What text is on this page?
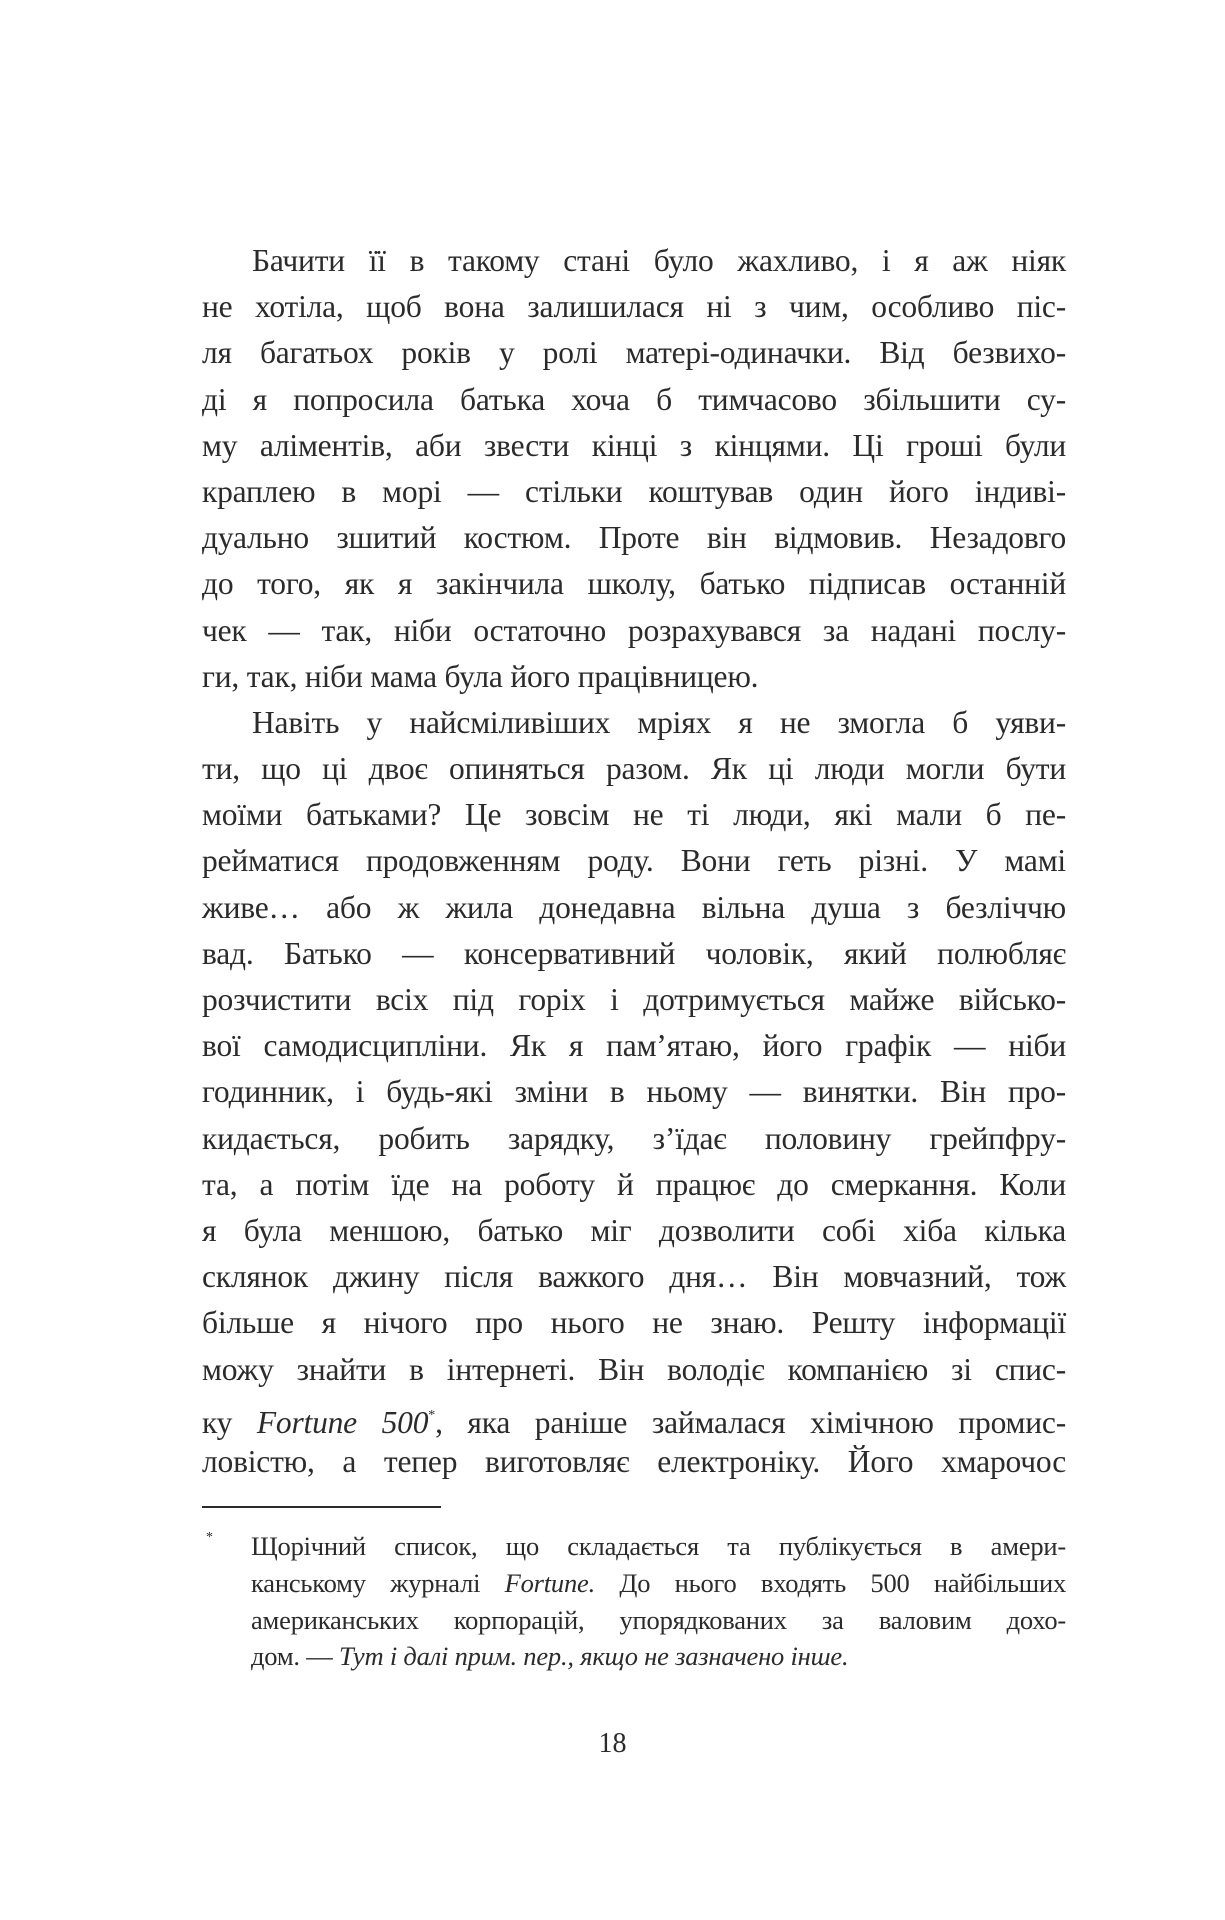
Бачити її в такому стані було жахливо, і я аж ніяк
не хотіла, щоб вона залишилася ні з чим, особливо піс-
ля багатьох років у ролі матері-одиначки. Від безвихо-
ді я попросила батька хоча б тимчасово збільшити су-
му аліментів, аби звести кінці з кінцями. Ці гроші були
краплею в морі — стільки коштував один його індиві-
дуально зшитий костюм. Проте він відмовив. Незадовго
до того, як я закінчила школу, батько підписав останній
чек — так, ніби остаточно розрахувався за надані послу-
ги, так, ніби мама була його працівницею.
Навіть у найсміливіших мріях я не змогла б уяви-
ти, що ці двоє опиняться разом. Як ці люди могли бути
моїми батьками? Це зовсім не ті люди, які мали б пе-
рейматися продовженням роду. Вони геть різні. У мамі
живе… або ж жила донедавна вільна душа з безліччю
вад. Батько — консервативний чоловік, який полюбляє
розчистити всіх під горіх і дотримується майже військо-
вої самодисципліни. Як я пам’ятаю, його графік — ніби
годинник, і будь-які зміни в ньому — винятки. Він про-
кидається, робить зарядку, з’їдає половину грейпфру-
та, а потім їде на роботу й працює до смеркання. Коли
я була меншою, батько міг дозволити собі хіба кілька
склянок джину після важкого дня… Він мовчазний, тож
більше я нічого про нього не знаю. Решту інформації
можу знайти в інтернеті. Він володіє компанією зі спис-
ку Fortune 500*, яка раніше займалася хімічною промис-
ловістю, а тепер виготовляє електроніку. Його хмарочос
* Щорічний список, що складається та публікується в амери-
канському журналі Fortune. До нього входять 500 найбільших
американських корпорацій, упорядкованих за валовим дохо-
дом. — Тут і далі прим. пер., якщо не зазначено інше.
18
